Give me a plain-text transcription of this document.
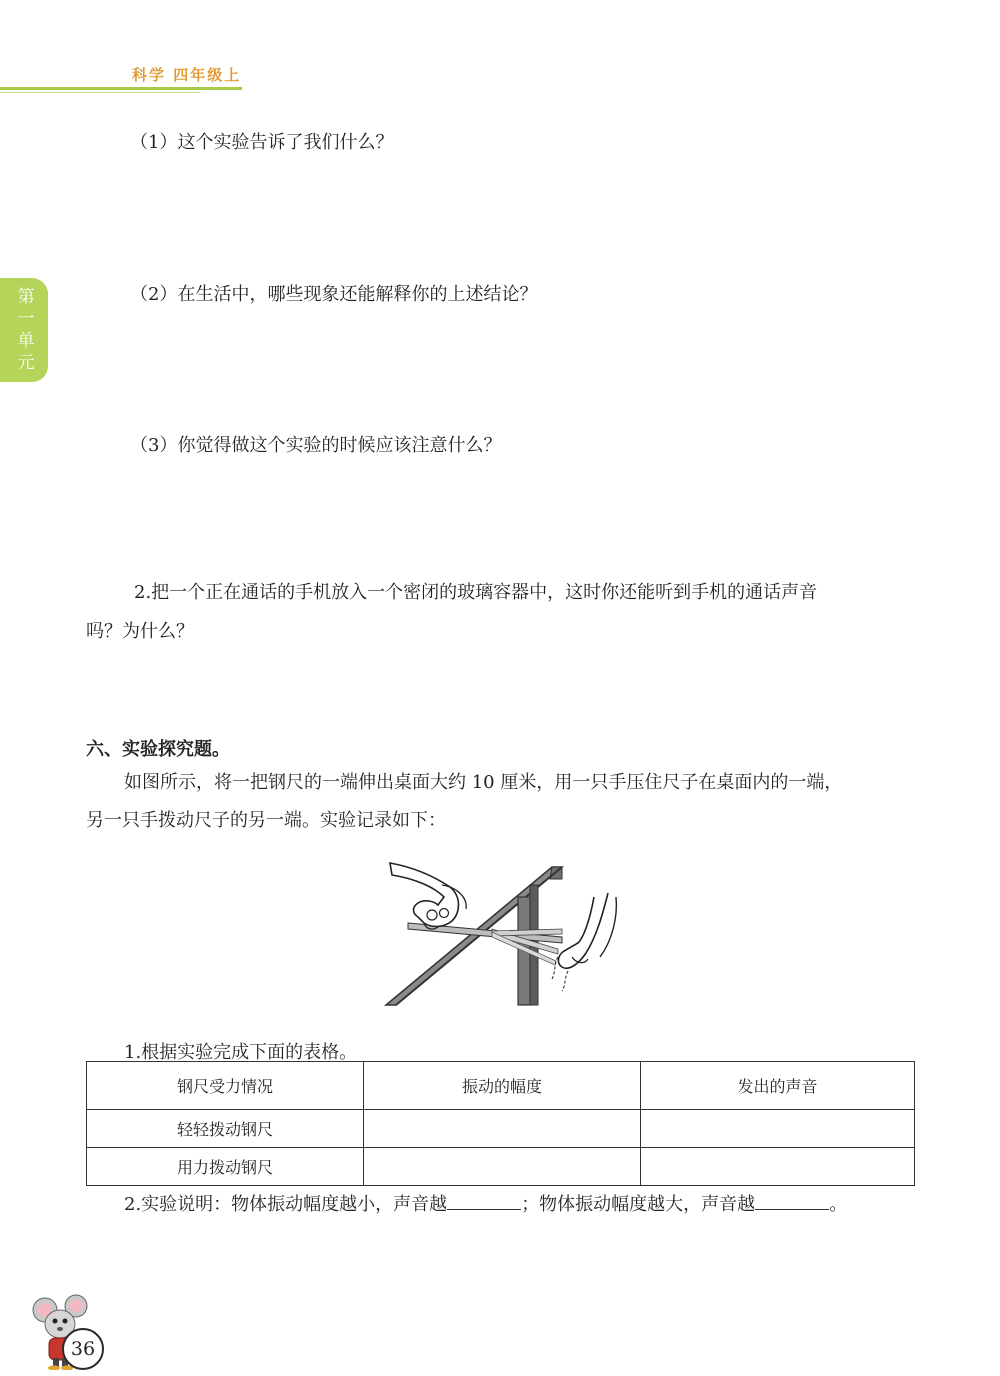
科学 四年级上
第一单元
（1）这个实验告诉了我们什么？
（2）在生活中，哪些现象还能解释你的上述结论？
（3）你觉得做这个实验的时候应该注意什么？
2.把一个正在通话的手机放入一个密闭的玻璃容器中，这时你还能听到手机的通话声音
吗？为什么？
六、实验探究题。
如图所示，将一把钢尺的一端伸出桌面大约 10 厘米，用一只手压住尺子在桌面内的一端，
另一只手拨动尺子的另一端。实验记录如下：
1.根据实验完成下面的表格。
钢尺受力情况	振动的幅度	发出的声音
轻轻拨动钢尺		
用力拨动钢尺		
2.实验说明：物体振动幅度越小，声音越	；物体振动幅度越大，声音越	。
36
